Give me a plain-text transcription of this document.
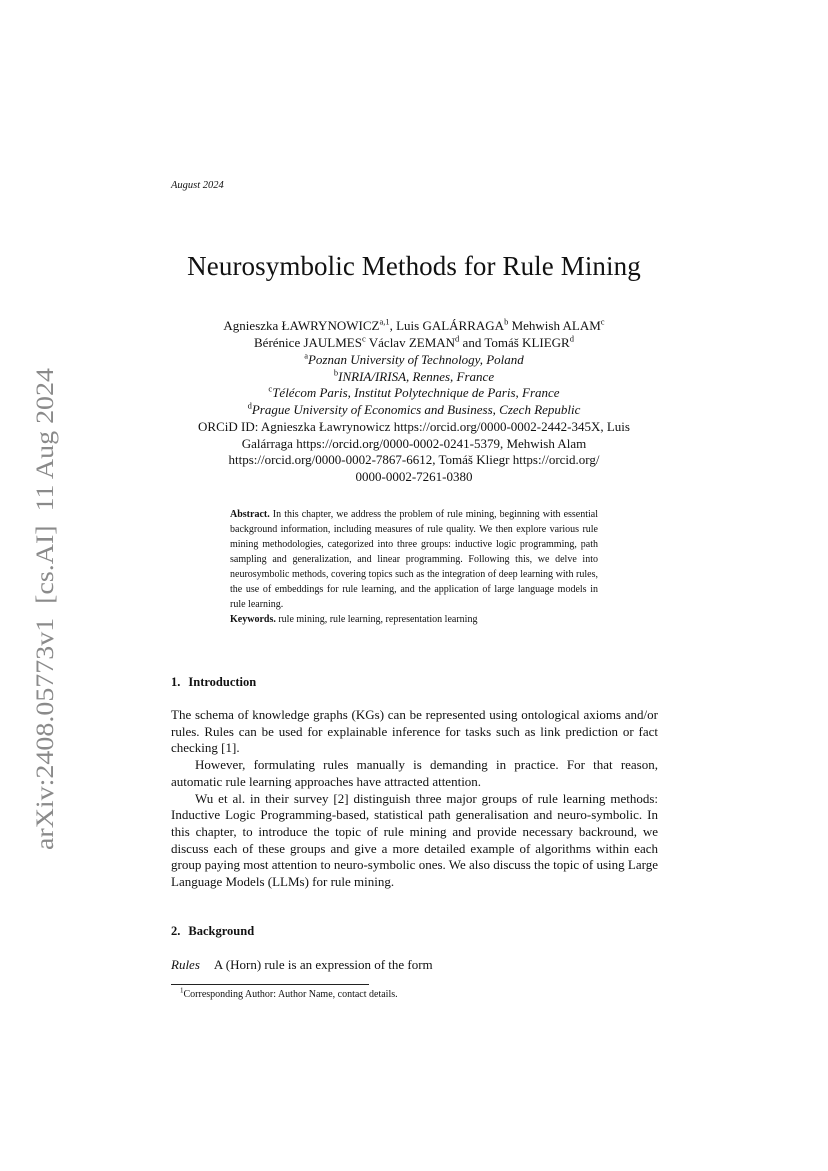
arXiv:2408.05773v1  [cs.AI]  11 Aug 2024
August 2024
Neurosymbolic Methods for Rule Mining
Agnieszka ŁAWRYNOWICZ$^{a,1}$, Luis GALÁRRAGA$^b$ Mehwish ALAM$^c$
Bérénice JAULMES$^c$ Václav ZEMAN$^d$ and Tomáš KLIEGR$^d$
$^a$Poznan University of Technology, Poland
$^b$INRIA/IRISA, Rennes, France
$^c$Télécom Paris, Institut Polytechnique de Paris, France
$^d$Prague University of Economics and Business, Czech Republic
ORCiD ID: Agnieszka Ławrynowicz https://orcid.org/0000-0002-2442-345X, Luis
Galárraga https://orcid.org/0000-0002-0241-5379, Mehwish Alam
https://orcid.org/0000-0002-7867-6612, Tomáš Kliegr https://orcid.org/
0000-0002-7261-0380
Abstract. In this chapter, we address the problem of rule mining, beginning with essential background information, including measures of rule quality. We then explore various rule mining methodologies, categorized into three groups: inductive logic programming, path sampling and generalization, and linear programming. Following this, we delve into neurosymbolic methods, covering topics such as the integration of deep learning with rules, the use of embeddings for rule learning, and the application of large language models in rule learning.
Keywords. rule mining, rule learning, representation learning
1. Introduction

The schema of knowledge graphs (KGs) can be represented using ontological axioms and/or rules. Rules can be used for explainable inference for tasks such as link prediction or fact checking [1].

However, formulating rules manually is demanding in practice. For that reason, automatic rule learning approaches have attracted attention.

Wu et al. in their survey [2] distinguish three major groups of rule learning methods: Inductive Logic Programming-based, statistical path generalisation and neuro-symbolic. In this chapter, to introduce the topic of rule mining and provide necessary backround, we discuss each of these groups and give a more detailed example of algorithms within each group paying most attention to neuro-symbolic ones. We also discuss the topic of using Large Language Models (LLMs) for rule mining.

2. Background
Rules A (Horn) rule is an expression of the form
$^1$Corresponding Author: Author Name, contact details.
